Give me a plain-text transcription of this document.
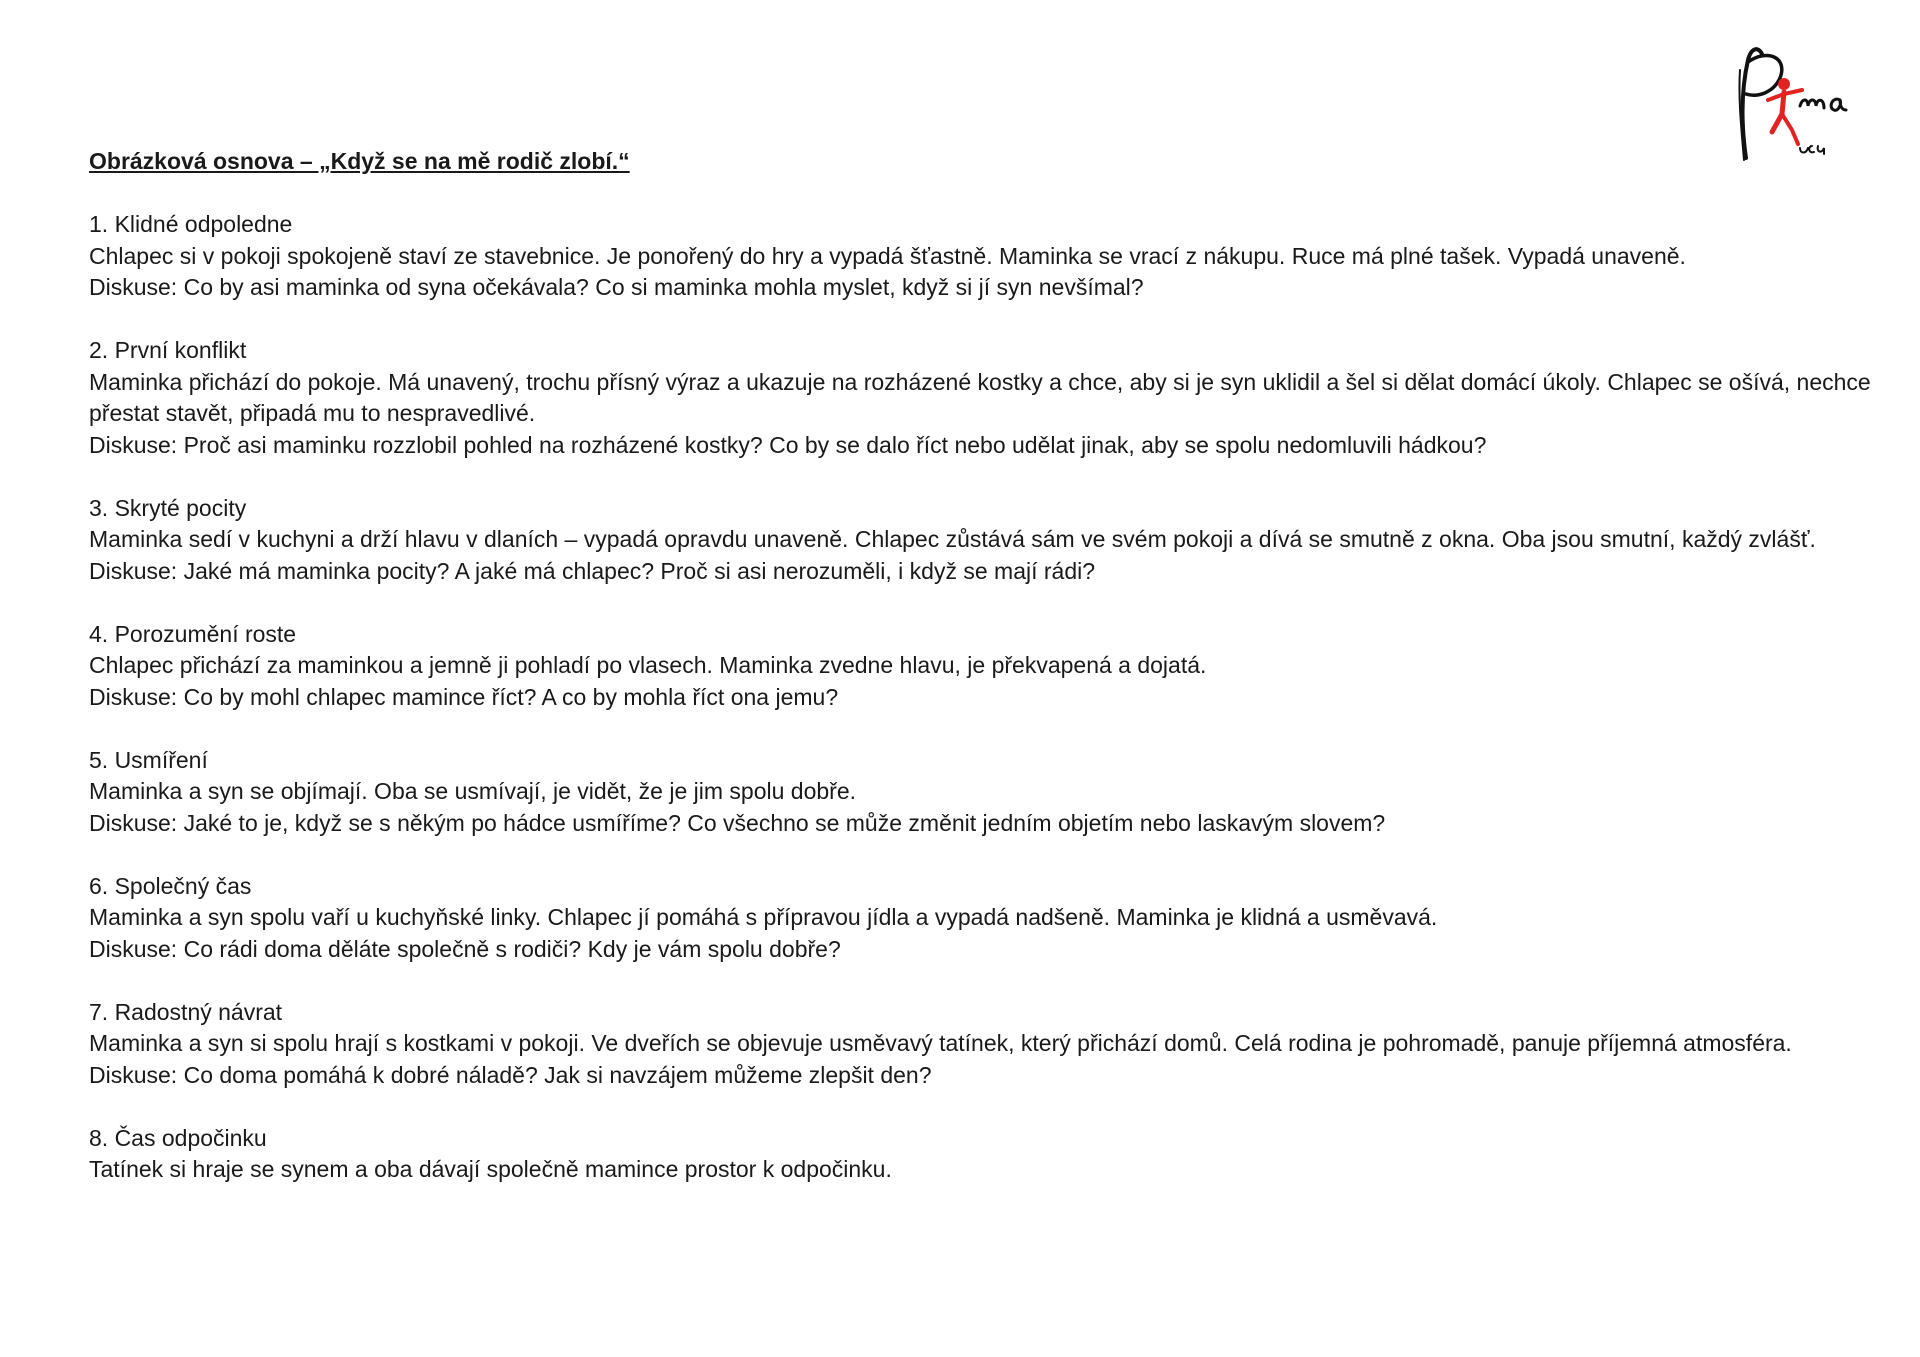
Obrázková osnova – „Když se na mě rodič zlobí.“

1. Klidné odpoledne

Chlapec si v pokoji spokojeně staví ze stavebnice. Je ponořený do hry a vypadá šťastně. Maminka se vrací z nákupu. Ruce má plné tašek. Vypadá unaveně.

Diskuse: Co by asi maminka od syna očekávala? Co si maminka mohla myslet, když si jí syn nevšímal?

2. První konflikt

Maminka přichází do pokoje. Má unavený, trochu přísný výraz a ukazuje na rozházené kostky a chce, aby si je syn uklidil a šel si dělat domácí úkoly. Chlapec se ošívá, nechce přestat stavět, připadá mu to nespravedlivé.

Diskuse: Proč asi maminku rozzlobil pohled na rozházené kostky? Co by se dalo říct nebo udělat jinak, aby se spolu nedomluvili hádkou?

3. Skryté pocity

Maminka sedí v kuchyni a drží hlavu v dlaních – vypadá opravdu unaveně. Chlapec zůstává sám ve svém pokoji a dívá se smutně z okna. Oba jsou smutní, každý zvlášť.

Diskuse: Jaké má maminka pocity? A jaké má chlapec? Proč si asi nerozuměli, i když se mají rádi?

4. Porozumění roste

Chlapec přichází za maminkou a jemně ji pohladí po vlasech. Maminka zvedne hlavu, je překvapená a dojatá.

Diskuse: Co by mohl chlapec mamince říct? A co by mohla říct ona jemu?

5. Usmíření

Maminka a syn se objímají. Oba se usmívají, je vidět, že je jim spolu dobře.

Diskuse: Jaké to je, když se s někým po hádce usmíříme? Co všechno se může změnit jedním objetím nebo laskavým slovem?

6. Společný čas

Maminka a syn spolu vaří u kuchyňské linky. Chlapec jí pomáhá s přípravou jídla a vypadá nadšeně. Maminka je klidná a usměvavá.

Diskuse: Co rádi doma děláte společně s rodiči? Kdy je vám spolu dobře?

7. Radostný návrat

Maminka a syn si spolu hrají s kostkami v pokoji. Ve dveřích se objevuje usměvavý tatínek, který přichází domů. Celá rodina je pohromadě, panuje příjemná atmosféra.

Diskuse: Co doma pomáhá k dobré náladě? Jak si navzájem můžeme zlepšit den?

8. Čas odpočinku

Tatínek si hraje se synem a oba dávají společně mamince prostor k odpočinku.
